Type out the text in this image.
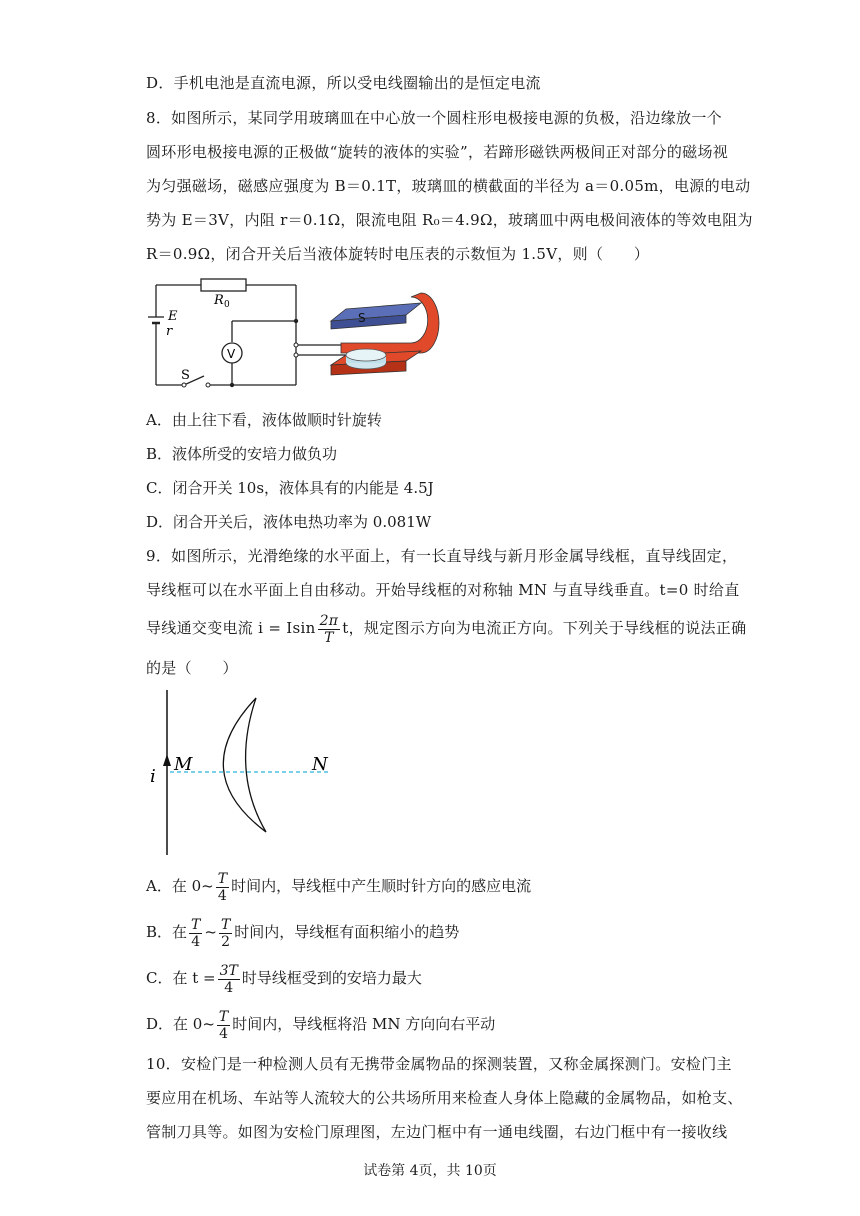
D．手机电池是直流电源，所以受电线圈输出的是恒定电流
8．如图所示，某同学用玻璃皿在中心放一个圆柱形电极接电源的负极，沿边缘放一个
圆环形电极接电源的正极做“旋转的液体的实验”，若蹄形磁铁两极间正对部分的磁场视
为匀强磁场，磁感应强度为 B＝0.1T，玻璃皿的横截面的半径为 a＝0.05m，电源的电动
势为 E＝3V，内阻 r＝0.1Ω，限流电阻 R₀＝4.9Ω，玻璃皿中两电极间液体的等效电阻为
R＝0.9Ω，闭合开关后当液体旋转时电压表的示数恒为 1.5V，则（　　）
R 0
E
r
V
S
S
A．由上往下看，液体做顺时针旋转
B．液体所受的安培力做负功
C．闭合开关 10s，液体具有的内能是 4.5J
D．闭合开关后，液体电热功率为 0.081W
9．如图所示，光滑绝缘的水平面上，有一长直导线与新月形金属导线框，直导线固定，
导线框可以在水平面上自由移动。开始导线框的对称轴 MN 与直导线垂直。t=0 时给直
导线通交变电流 i = Isin $\frac{2\pi}{T}$ t，规定图示方向为电流正方向。下列关于导线框的说法正确
的是（　　）
i
M	N
A．在 0~ $\frac{T}{4}$ 时间内，导线框中产生顺时针方向的感应电流
B．在 $\frac{T}{4}$ ~ $\frac{T}{2}$ 时间内，导线框有面积缩小的趋势
C．在 $t = \frac{3T}{4}$ 时导线框受到的安培力最大
D．在 0~ $\frac{T}{4}$ 时间内，导线框将沿 MN 方向向右平动
10．安检门是一种检测人员有无携带金属物品的探测装置，又称金属探测门。安检门主
要应用在机场、车站等人流较大的公共场所用来检查人身体上隐藏的金属物品，如枪支、
管制刀具等。如图为安检门原理图，左边门框中有一通电线圈，右边门框中有一接收线
试卷第 4页，共 10页
